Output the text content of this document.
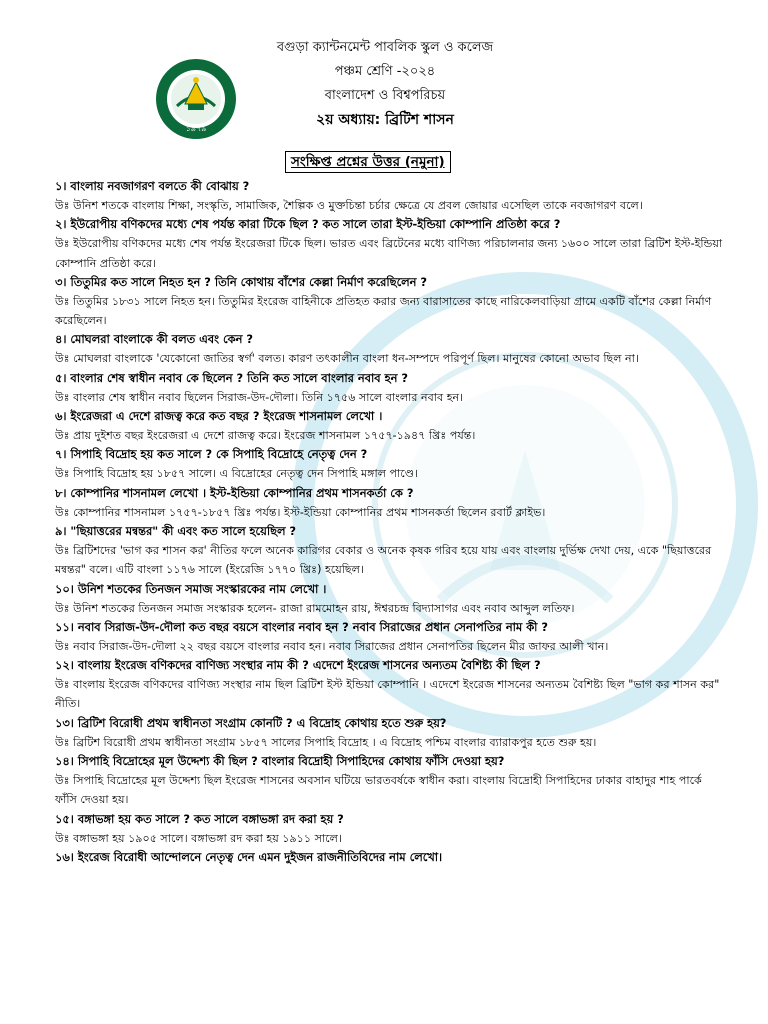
১৯৭৯
বগুড়া ক্যান্টনমেন্ট পাবলিক স্কুল ও কলেজ
পঞ্চম শ্রেণি -২০২৪
বাংলাদেশ ও বিশ্বপরিচয়
২য় অধ্যায়: ব্রিটিশ শাসন
সংক্ষিপ্ত প্রশ্নের উত্তর (নমুনা)
১। বাংলায় নবজাগরণ বলতে কী বোঝায় ?
উঃ উনিশ শতকে বাংলায় শিক্ষা, সংস্কৃতি, সামাজিক, শৈল্পিক ও মুক্তচিন্তা চর্চার ক্ষেত্রে যে প্রবল জোয়ার এসেছিল তাকে নবজাগরণ বলে।
২। ইউরোপীয় বণিকদের মধ্যে শেষ পর্যন্ত কারা টিকে ছিল ? কত সালে তারা ইস্ট-ইন্ডিয়া কোম্পানি প্রতিষ্ঠা করে ?
উঃ ইউরোপীয় বণিকদের মধ্যে শেষ পর্যন্ত ইংরেজরা টিকে ছিল। ভারত এবং ব্রিটেনের মধ্যে বাণিজ্য পরিচালনার জন্য ১৬০০ সালে তারা ব্রিটিশ ইস্ট-ইন্ডিয়া কোম্পানি প্রতিষ্ঠা করে।
৩। তিতুমির কত সালে নিহত হন ? তিনি কোথায় বাঁশের কেল্লা নির্মাণ করেছিলেন ?
উঃ তিতুমির ১৮৩১ সালে নিহত হন। তিতুমির ইংরেজ বাহিনীকে প্রতিহত করার জন্য বারাসাতের কাছে নারিকেলবাড়িয়া গ্রামে একটি বাঁশের কেল্লা নির্মাণ করেছিলেন।
৪। মোঘলরা বাংলাকে কী বলত এবং কেন ?
উঃ মোঘলরা বাংলাকে 'যেকোনো জাতির স্বর্গ' বলত। কারণ তৎকালীন বাংলা ধন-সম্পদে পরিপূর্ণ ছিল। মানুষের কোনো অভাব ছিল না।
৫। বাংলার শেষ স্বাধীন নবাব কে ছিলেন ? তিনি কত সালে বাংলার নবাব হন ?
উঃ বাংলার শেষ স্বাধীন নবাব ছিলেন সিরাজ-উদ-দৌলা। তিনি ১৭৫৬ সালে বাংলার নবাব হন।
৬। ইংরেজরা এ দেশে রাজত্ব করে কত বছর ? ইংরেজ শাসনামল লেখো ।
উঃ প্রায় দুইশত বছর ইংরেজরা এ দেশে রাজত্ব করে। ইংরেজ শাসনামল ১৭৫৭-১৯৪৭ খ্রিঃ পর্যন্ত।
৭। সিপাহি বিদ্রোহ হয় কত সালে ? কে সিপাহি বিদ্রোহে নেতৃত্ব দেন ?
উঃ সিপাহি বিদ্রোহ হয় ১৮৫৭ সালে। এ বিদ্রোহের নেতৃত্ব দেন সিপাহি মঙ্গাল পাণ্ডে।
৮। কোম্পানির শাসনামল লেখো । ইস্ট-ইন্ডিয়া কোম্পানির প্রথম শাসনকর্তা কে ?
উঃ কোম্পানির শাসনামল ১৭৫৭-১৮৫৭ খ্রিঃ পর্যন্ত। ইস্ট-ইন্ডিয়া কোম্পানির প্রথম শাসনকর্তা ছিলেন রবার্ট ক্লাইভ।
৯। "ছিয়াত্তরের মন্বন্তর" কী এবং কত সালে হয়েছিল ?
উঃ ব্রিটিশদের 'ভাগ কর শাসন কর' নীতির ফলে অনেক কারিগর বেকার ও অনেক কৃষক গরিব হয়ে যায় এবং বাংলায় দুর্ভিক্ষ দেখা দেয়, একে "ছিয়াত্তরের মন্বন্তর" বলে। এটি বাংলা ১১৭৬ সালে (ইংরেজি ১৭৭০ খ্রিঃ) হয়েছিল।
১০। উনিশ শতকের তিনজন সমাজ সংস্কারকের নাম লেখো ।
উঃ উনিশ শতকের তিনজন সমাজ সংস্কারক হলেন- রাজা রামমোহন রায়, ঈশ্বরচন্দ্র বিদ্যাসাগর এবং নবাব আব্দুল লতিফ।
১১। নবাব সিরাজ-উদ-দৌলা কত বছর বয়সে বাংলার নবাব হন ? নবাব সিরাজের প্রধান সেনাপতির নাম কী ?
উঃ নবাব সিরাজ-উদ-দৌলা ২২ বছর বয়সে বাংলার নবাব হন। নবাব সিরাজের প্রধান সেনাপতির ছিলেন মীর জাফর আলী খান।
১২। বাংলায় ইংরেজ বণিকদের বাণিজ্য সংস্থার নাম কী ? এদেশে ইংরেজ শাসনের অন্যতম বৈশিষ্ট্য কী ছিল ?
উঃ বাংলায় ইংরেজ বণিকদের বাণিজ্য সংস্থার নাম ছিল ব্রিটিশ ইস্ট ইন্ডিয়া কোম্পানি । এদেশে ইংরেজ শাসনের অন্যতম বৈশিষ্ট্য ছিল "ভাগ কর শাসন কর" নীতি।
১৩। ব্রিটিশ বিরোধী প্রথম স্বাধীনতা সংগ্রাম কোনটি ? এ বিদ্রোহ কোথায় হতে শুরু হয়?
উঃ ব্রিটিশ বিরোধী প্রথম স্বাধীনতা সংগ্রাম ১৮৫৭ সালের সিপাহি বিদ্রোহ । এ বিদ্রোহ পশ্চিম বাংলার ব্যারাকপুর হতে শুরু হয়।
১৪। সিপাহি বিদ্রোহের মূল উদ্দেশ্য কী ছিল ? বাংলার বিদ্রোহী সিপাহিদের কোথায় ফাঁসি দেওয়া হয়?
উঃ সিপাহি বিদ্রোহের মূল উদ্দেশ্য ছিল ইংরেজ শাসনের অবসান ঘটিয়ে ভারতবর্ষকে স্বাধীন করা। বাংলায় বিদ্রোহী সিপাহিদের ঢাকার বাহাদুর শাহ পার্কে ফাঁসি দেওয়া হয়।
১৫। বঙ্গাভঙ্গা হয় কত সালে ? কত সালে বঙ্গাভঙ্গা রদ করা হয় ?
উঃ বঙ্গাভঙ্গা হয় ১৯০৫ সালে। বঙ্গাভঙ্গা রদ করা হয় ১৯১১ সালে।
১৬। ইংরেজ বিরোধী আন্দোলনে নেতৃত্ব দেন এমন দুইজন রাজনীতিবিদের নাম লেখো।
